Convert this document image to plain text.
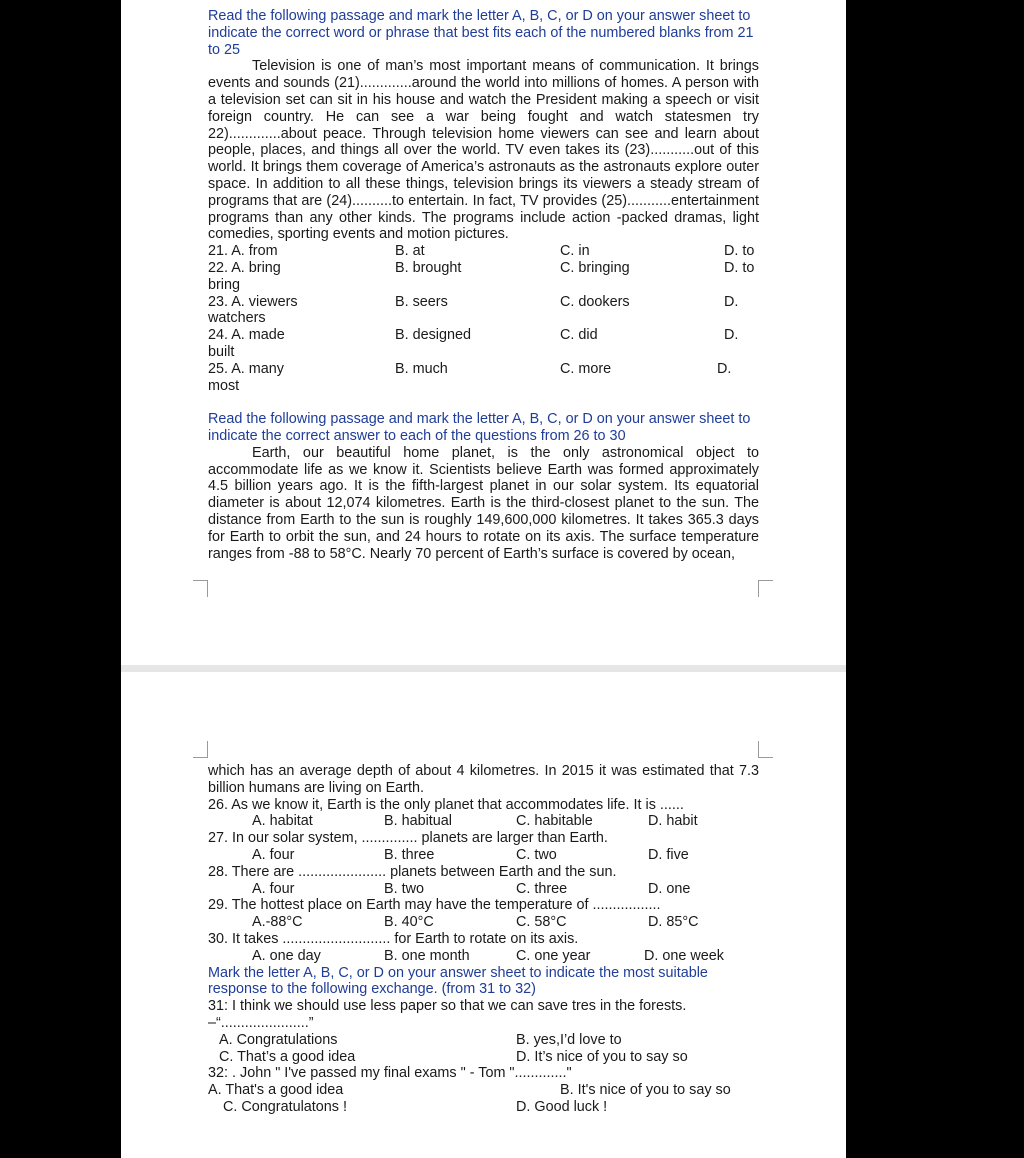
Read the following passage and mark the letter A, B, C, or D on your answer sheet to indicate the correct word or phrase that best fits each of the numbered blanks from 21 to 25

Television is one of man’s most important means of communication. It brings events and sounds (21).............around the world into millions of homes. A person with a television set can sit in his house and watch the President making a speech or visit foreign country. He can see a war being fought and watch statesmen try 22).............about peace. Through television home viewers can see and learn about people, places, and things all over the world. TV even takes its (23)...........out of this world. It brings them coverage of America’s astronauts as the astronauts explore outer space. In addition to all these things, television brings its viewers a steady stream of programs that are (24)..........to entertain. In fact, TV provides (25)...........entertainment programs than any other kinds. The programs include action -packed dramas, light comedies, sporting events and motion pictures.

21. A. from	B. at	C. in	D. to
22. A. bring	B. brought	C. bringing	D. to
bring
23. A. viewers	B. seers	C. dookers	D.
watchers
24. A. made	B. designed	C. did	D.
built
25. A. many	B. much	C. more	D.
most

Read the following passage and mark the letter A, B, C, or D on your answer sheet to indicate the correct answer to each of the questions from 26 to 30

Earth, our beautiful home planet, is the only astronomical object to accommodate life as we know it. Scientists believe Earth was formed approximately 4.5 billion years ago. It is the fifth-largest planet in our solar system. Its equatorial diameter is about 12,074 kilometres. Earth is the third-closest planet to the sun. The distance from Earth to the sun is roughly 149,600,000 kilometres. It takes 365.3 days for Earth to orbit the sun, and 24 hours to rotate on its axis. The surface temperature ranges from -88 to 58°C. Nearly 70 percent of Earth’s surface is covered by ocean,

which has an average depth of about 4 kilometres. In 2015 it was estimated that 7.3 billion humans are living on Earth.

26. As we know it, Earth is the only planet that accommodates life. It is ......

A. habitat	B. habitual	C. habitable	D. habit

27. In our solar system, .............. planets are larger than Earth.

A. four	B. three	C. two	D. five

28. There are ...................... planets between Earth and the sun.

A. four	B. two	C. three	D. one

29. The hottest place on Earth may have the temperature of .................

A.-88°C	B. 40°C	C. 58°C	D. 85°C

30. It takes ........................... for Earth to rotate on its axis.

A. one day	B. one month	C. one year	D. one week

Mark the letter A, B, C, or D on your answer sheet to indicate the most suitable response to the following exchange. (from 31 to 32)

31: I think we should use less paper so that we can save tres in the forests.

–“......................”

A. Congratulations	B. yes,I’d love to
C. That’s a good idea	D. It’s nice of you to say so

32: . John " I've passed my final exams " - Tom "............."

A. That's a good idea	B. It's nice of you to say so
C. Congratulatons !	D. Good luck !
